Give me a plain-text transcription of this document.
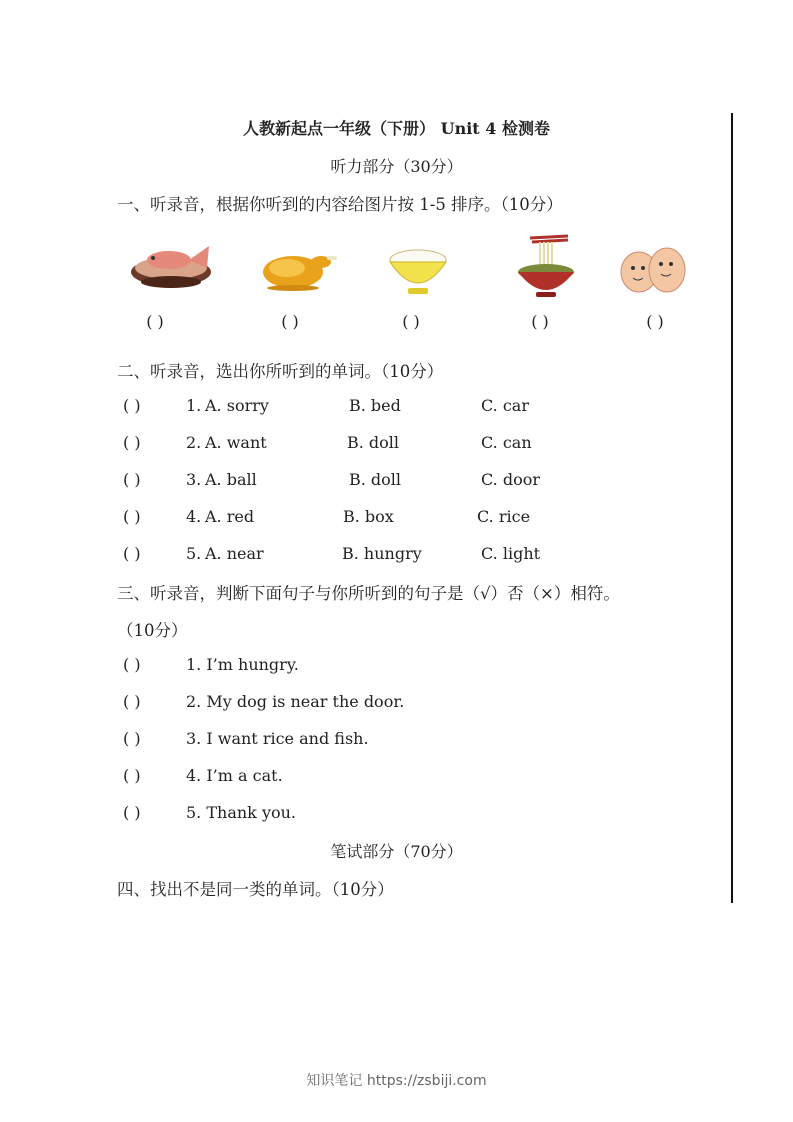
人教新起点一年级（下册） Unit 4 检测卷
听力部分（30分）
一、听录音，根据你听到的内容给图片按 1-5 排序。（10分）
( )	( )	( )	( )	( )
二、听录音，选出你所听到的单词。（10分）
( )	1. A. sorry	B. bed	C. car
( )	2. A. want	B. doll	C. can
( )	3. A. ball	B. doll	C. door
( )	4. A. red	B. box	C. rice
( )	5. A. near	B. hungry	C. light
三、听录音，判断下面句子与你所听到的句子是（√）否（×）相符。
（10分）
( )	1. I’m hungry.
( )	2. My dog is near the door.
( )	3. I want rice and fish.
( )	4. I’m a cat.
( )	5. Thank you.
笔试部分（70分）
四、找出不是同一类的单词。（10分）
知识笔记 https://zsbiji.com
